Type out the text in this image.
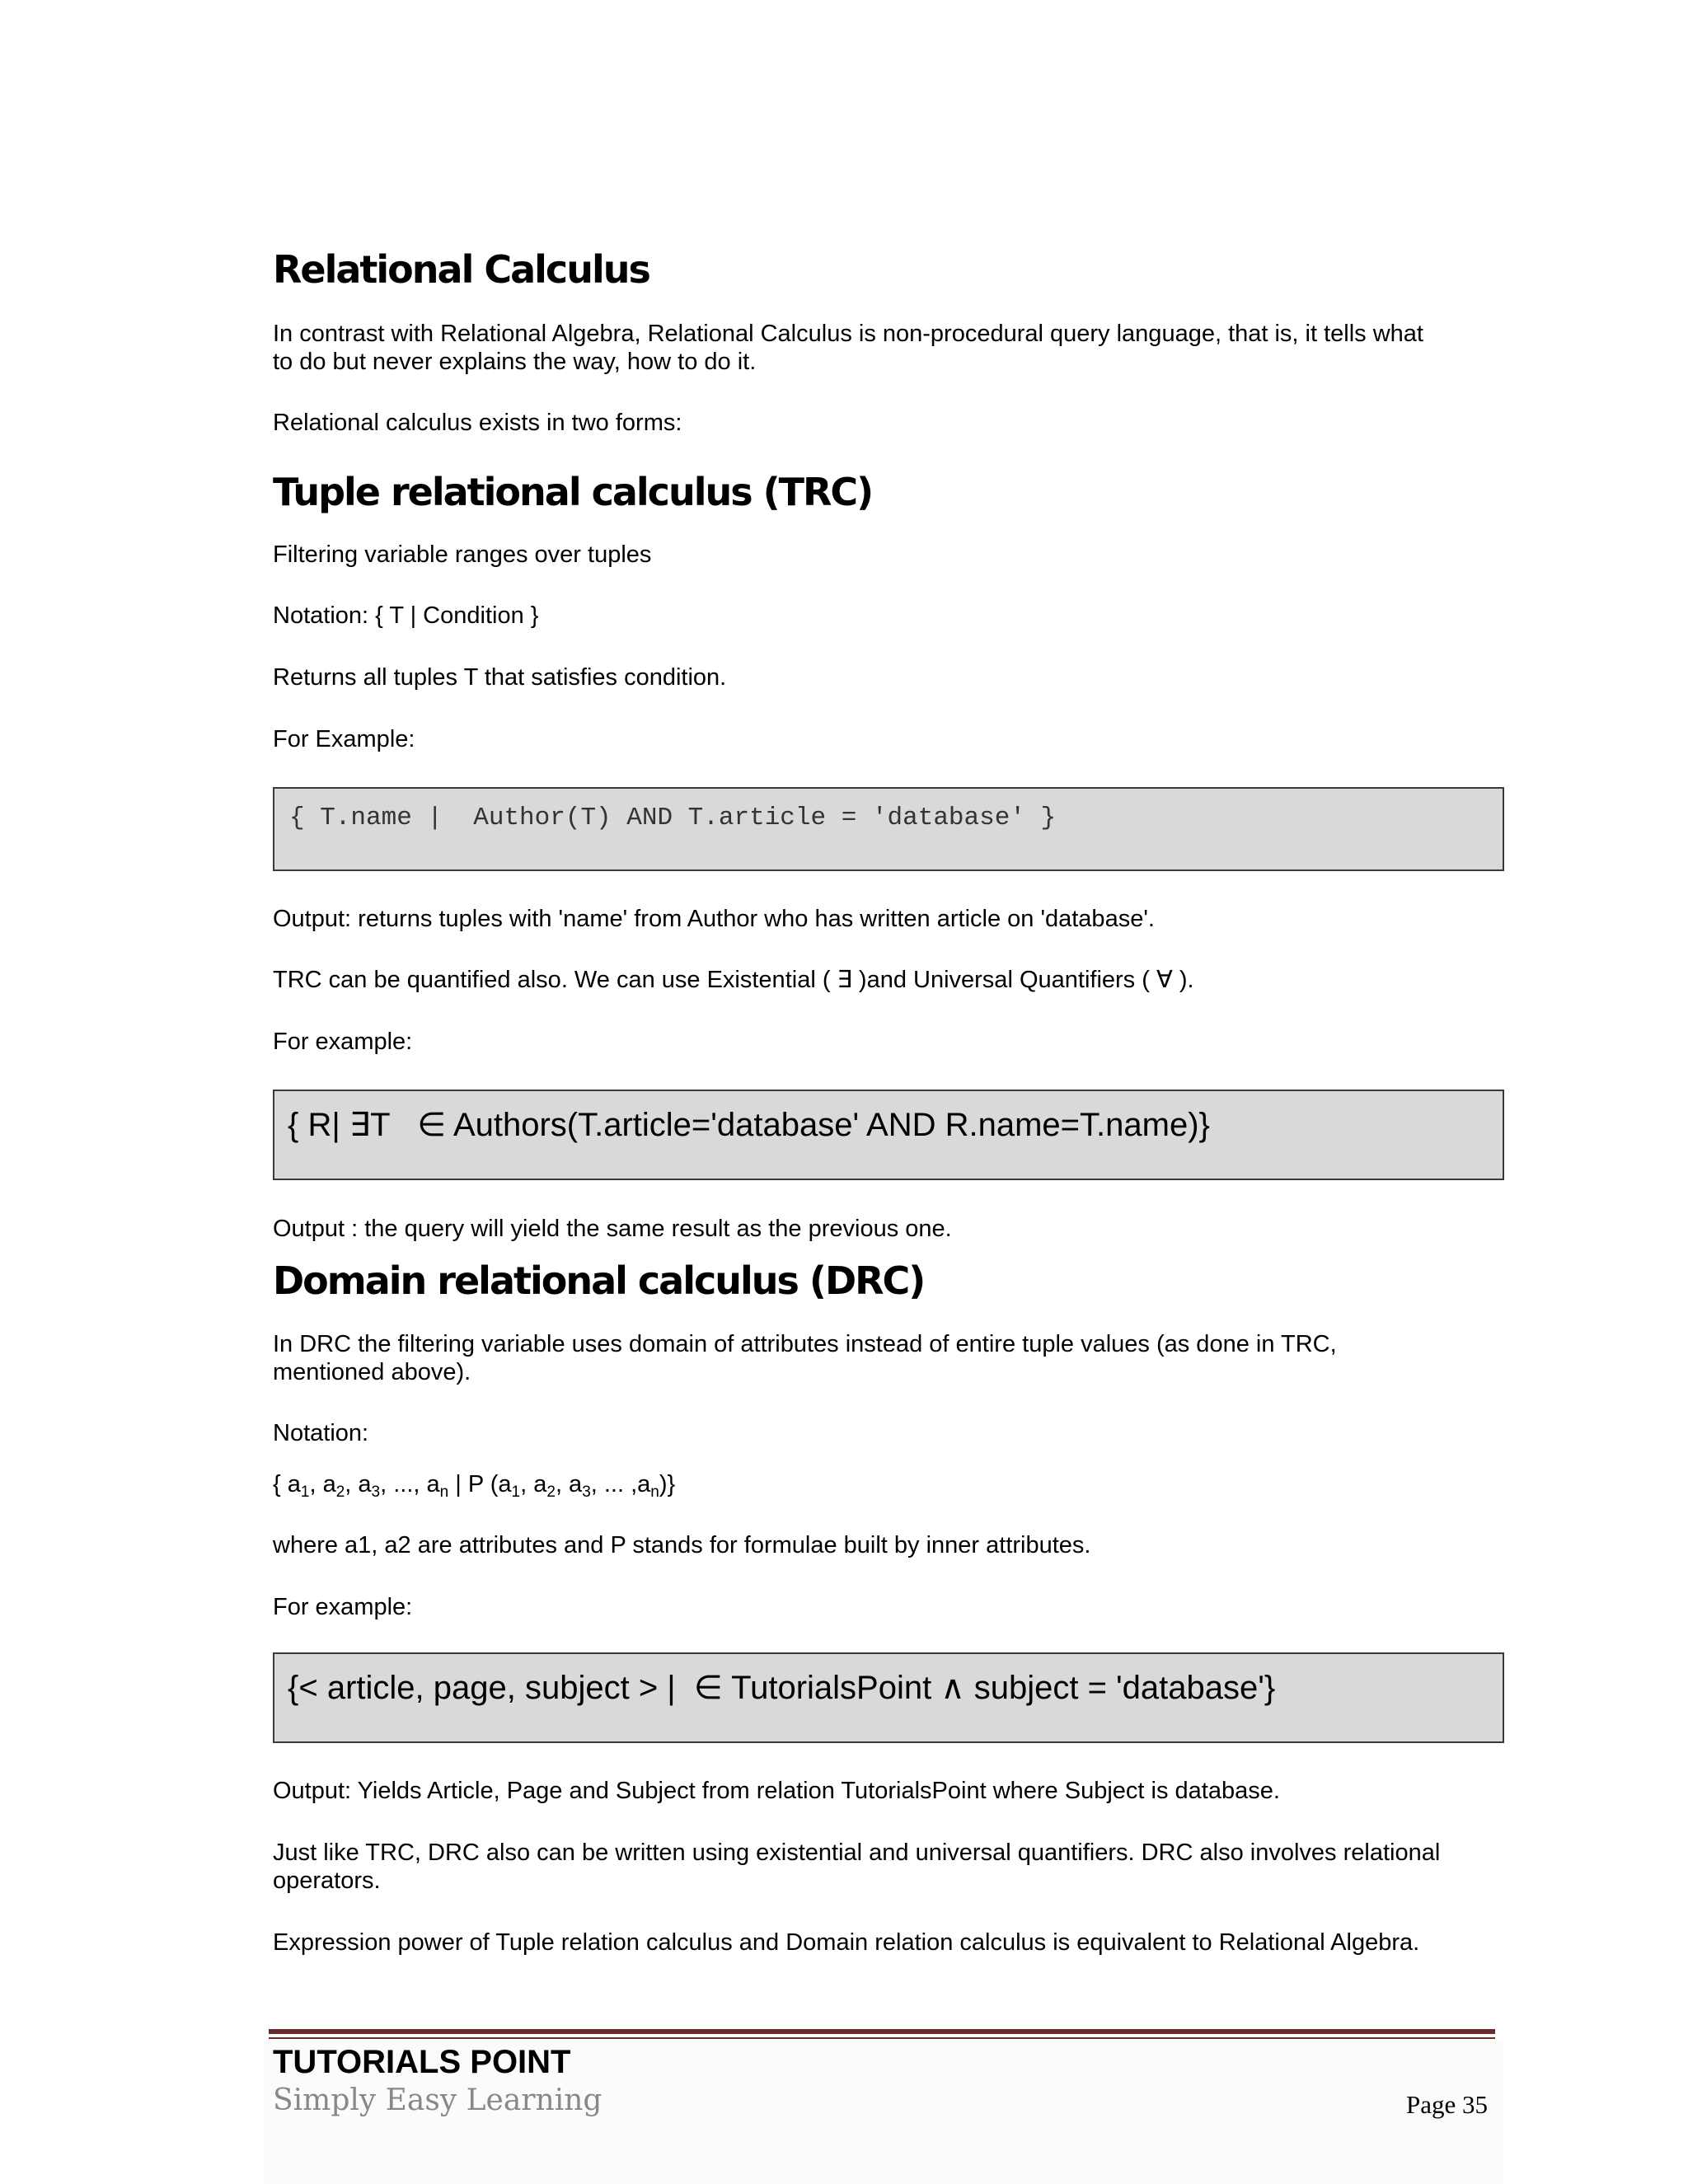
Relational Calculus

In contrast with Relational Algebra, Relational Calculus is non-procedural query language, that is, it tells what

to do but never explains the way, how to do it.

Relational calculus exists in two forms:

Tuple relational calculus (TRC)

Filtering variable ranges over tuples

Notation: { T | Condition }

Returns all tuples T that satisfies condition.

For Example:

{ T.name |  Author(T) AND T.article = 'database' }

Output: returns tuples with 'name' from Author who has written article on 'database'.

TRC can be quantified also. We can use Existential ( ∃ )and Universal Quantifiers ( ∀ ).

For example:

{ R| ∃T   ∈ Authors(T.article='database' AND R.name=T.name)}

Output : the query will yield the same result as the previous one.

Domain relational calculus (DRC)

In DRC the filtering variable uses domain of attributes instead of entire tuple values (as done in TRC,

mentioned above).

Notation:

{ $a_1$, $a_2$, $a_3$, ..., $a_n$ | P ($a_1$, $a_2$, $a_3$, ... $,a_n$)}

where a1, a2 are attributes and P stands for formulae built by inner attributes.

For example:

{< article, page, subject > |  ∈ TutorialsPoint ∧ subject = 'database'}

Output: Yields Article, Page and Subject from relation TutorialsPoint where Subject is database.

Just like TRC, DRC also can be written using existential and universal quantifiers. DRC also involves relational

operators.

Expression power of Tuple relation calculus and Domain relation calculus is equivalent to Relational Algebra.

TUTORIALS POINT
Simply Easy Learning	Page 35
